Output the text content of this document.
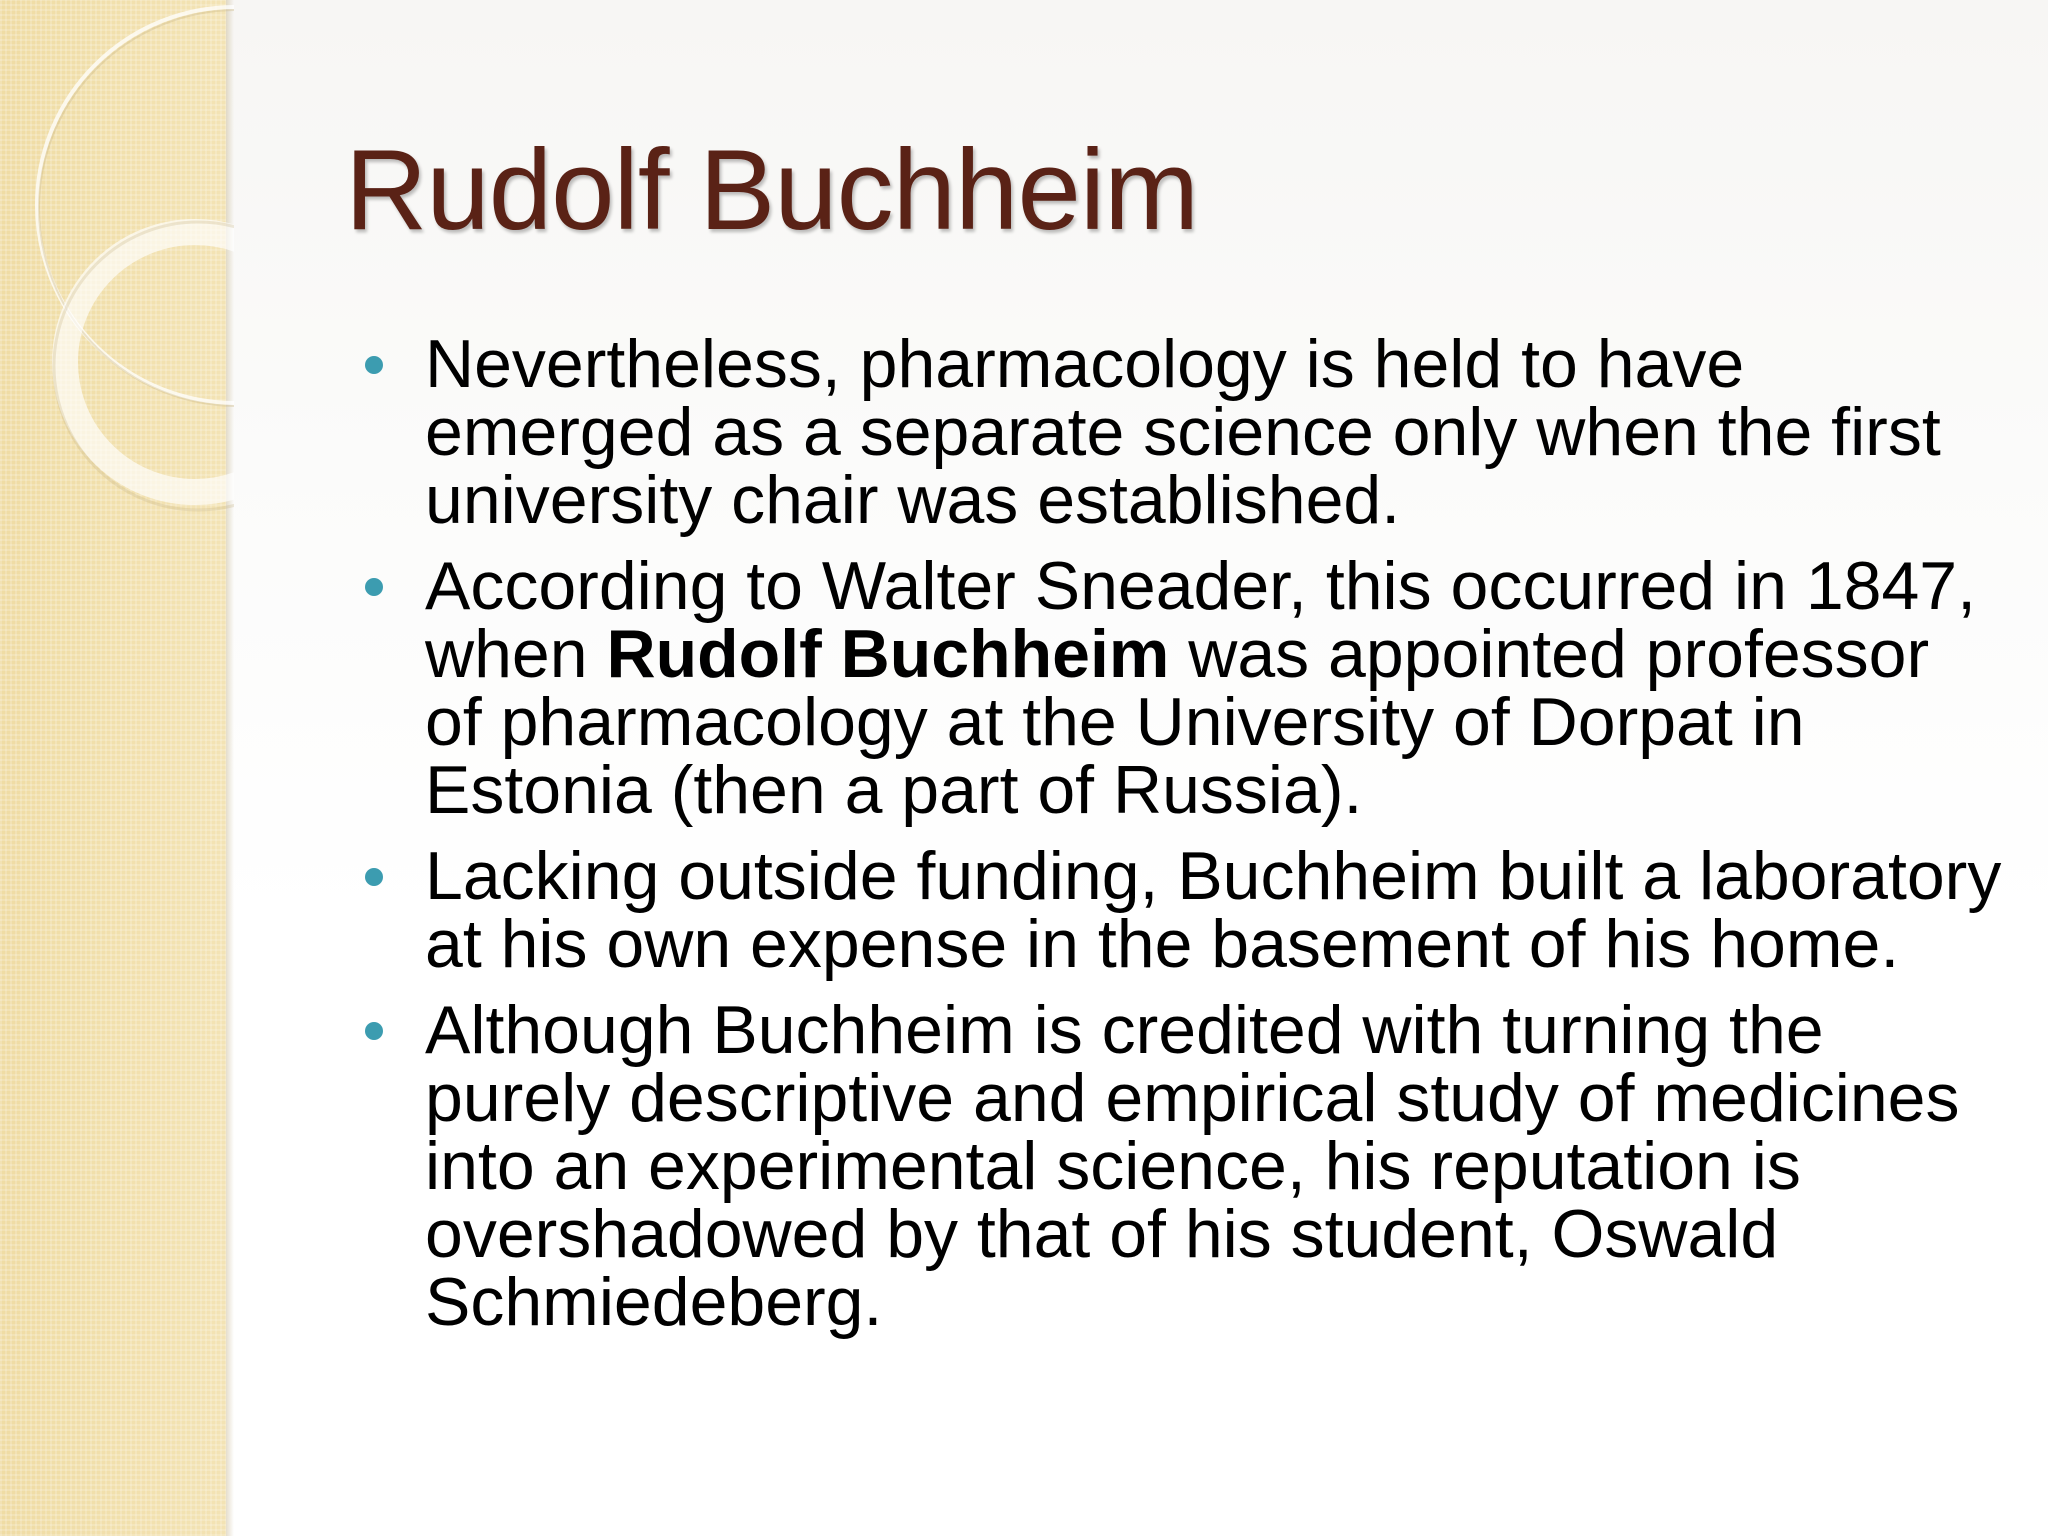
Rudolf Buchheim
Nevertheless, pharmacology is held to have emerged as a separate science only when the first university chair was established.
According to Walter Sneader, this occurred in 1847, when Rudolf Buchheim was appointed professor of pharmacology at the University of Dorpat in Estonia (then a part of Russia).
Lacking outside funding, Buchheim built a laboratory at his own expense in the basement of his home.
Although Buchheim is credited with turning the purely descriptive and empirical study of medicines into an experimental science, his reputation is overshadowed by that of his student, Oswald Schmiedeberg.
